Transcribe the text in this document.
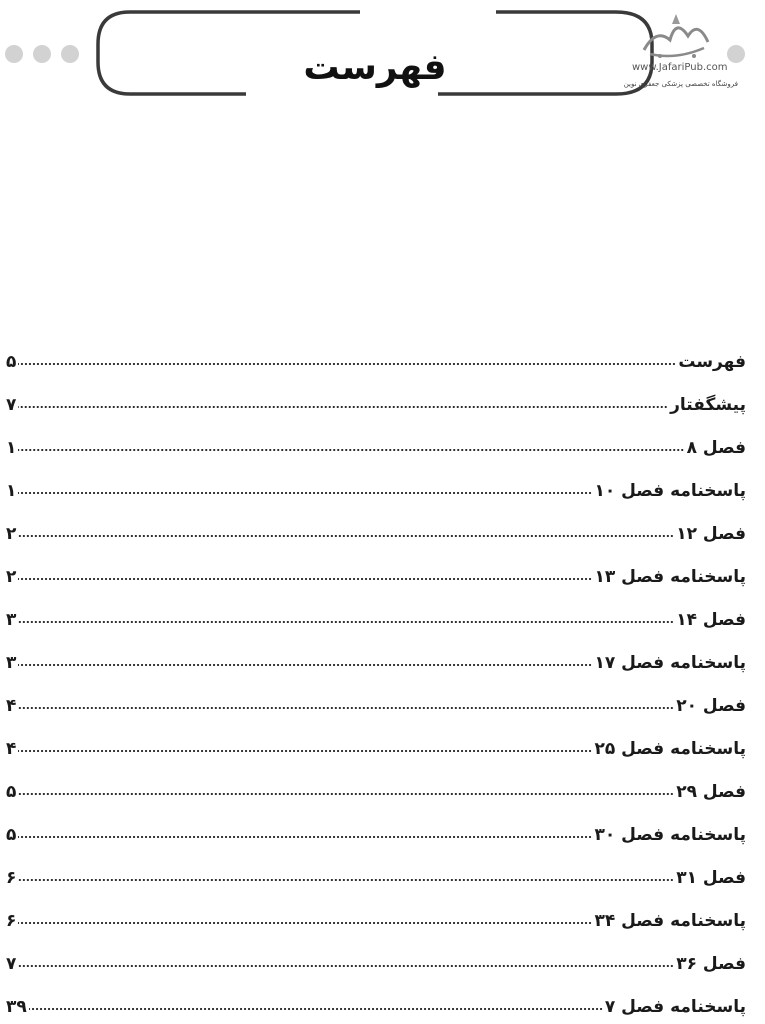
فهرست	www.JafariPub.com
فروشگاه تخصصی پزشکی جعفری نوین
فهرست
۵
پیشگفتار
۷
فصل ۸
۱
پاسخنامه فصل ۱۰
۱
فصل ۱۲
۲
پاسخنامه فصل ۱۳
۲
فصل ۱۴
۳
پاسخنامه فصل ۱۷
۳
فصل ۲۰
۴
پاسخنامه فصل ۲۵
۴
فصل ۲۹
۵
پاسخنامه فصل ۳۰
۵
فصل ۳۱
۶
پاسخنامه فصل ۳۴
۶
فصل ۳۶
۷
پاسخنامه فصل ۷
۳۹
